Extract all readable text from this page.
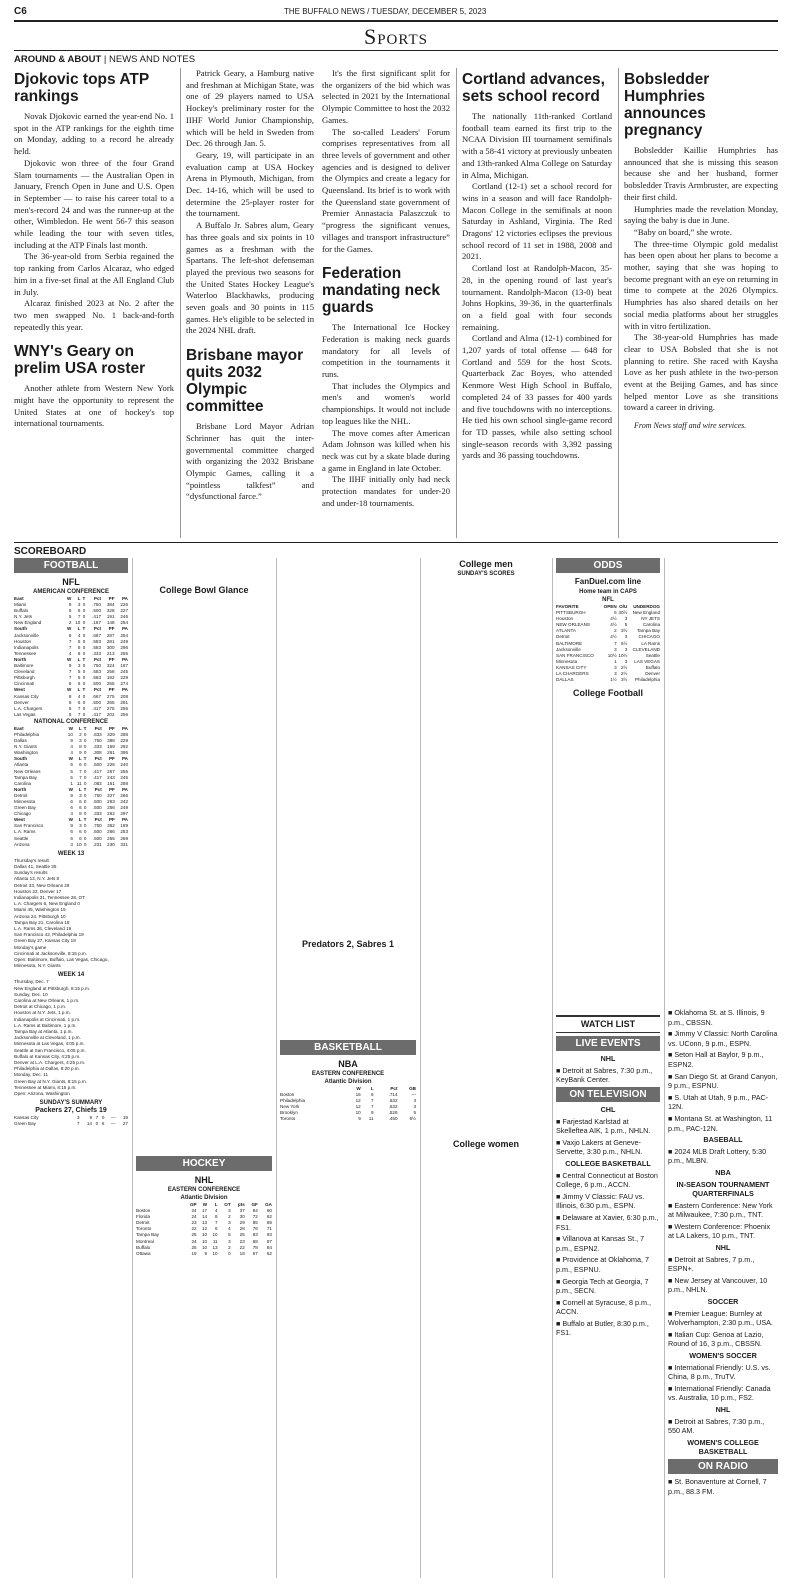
C6	THE BUFFALO NEWS / TUESDAY, DECEMBER 5, 2023
Sports
AROUND & ABOUT | NEWS AND NOTES
Djokovic tops ATP rankings

Novak Djokovic earned the year-end No. 1 spot in the ATP rankings for the eighth time on Monday, adding to a record he already held.

Djokovic won three of the four Grand Slam tournaments — the Australian Open in January, French Open in June and U.S. Open in September — to raise his career total to a men's-record 24 and was the runner-up at the other, Wimbledon. He went 56-7 this season while leading the tour with seven titles, including at the ATP Finals last month.

The 36-year-old from Serbia regained the top ranking from Carlos Alcaraz, who edged him in a five-set final at the All England Club in July.

Alcaraz finished 2023 at No. 2 after the two men swapped No. 1 back-and-forth repeatedly this year.

WNY's Geary on prelim USA roster

Another athlete from Western New York might have the opportunity to represent the United States at one of hockey's top international tournaments.

Patrick Geary, a Hamburg native and freshman at Michigan State, was one of 29 players named to USA Hockey's preliminary roster for the IIHF World Junior Championship, which will be held in Sweden from Dec. 26 through Jan. 5.

Geary, 19, will participate in an evaluation camp at USA Hockey Arena in Plymouth, Michigan, from Dec. 14-16, which will be used to determine the 25-player roster for the tournament.

A Buffalo Jr. Sabres alum, Geary has three goals and six points in 10 games as a freshman with the Spartans. The left-shot defenseman played the previous two seasons for the United States Hockey League's Waterloo Blackhawks, producing seven goals and 30 points in 115 games. He's eligible to be selected in the 2024 NHL draft.

Brisbane mayor quits 2032 Olympic committee

Brisbane Lord Mayor Adrian Schrinner has quit the inter-governmental committee charged with organizing the 2032 Brisbane Olympic Games, calling it a “pointless talkfest” and “dysfunctional farce.”

It's the first significant split for the organizers of the bid which was selected in 2021 by the International Olympic Committee to host the 2032 Games.

The so-called Leaders' Forum comprises representatives from all three levels of government and other agencies and is designed to deliver the Olympics and create a legacy for Queensland. Its brief is to work with the Queensland state government of Premier Annastacia Palaszczuk to “progress the significant venues, villages and transport infrastructure” for the Games.

Federation mandating neck guards

The International Ice Hockey Federation is making neck guards mandatory for all levels of competition in the tournaments it runs.

That includes the Olympics and men's and women's world championships. It would not include top leagues like the NHL.

The move comes after American Adam Johnson was killed when his neck was cut by a skate blade during a game in England in late October.

The IIHF initially only had neck protection mandates for under-20 and under-18 tournaments.

Cortland advances, sets school record

The nationally 11th-ranked Cortland football team earned its first trip to the NCAA Division III tournament semifinals with a 58-41 victory at previously unbeaten and 13th-ranked Alma College on Saturday in Alma, Michigan.

Cortland (12-1) set a school record for wins in a season and will face Randolph-Macon College in the semifinals at noon Saturday in Ashland, Virginia. The Red Dragons' 12 victories eclipses the previous school record of 11 set in 1988, 2008 and 2021.

Cortland lost at Randolph-Macon, 35-28, in the opening round of last year's tournament. Randolph-Macon (13-0) beat Johns Hopkins, 39-36, in the quarterfinals on a field goal with four seconds remaining.

Cortland and Alma (12-1) combined for 1,207 yards of total offense — 648 for Cortland and 559 for the host Scots. Quarterback Zac Boyes, who attended Kenmore West High School in Buffalo, completed 24 of 33 passes for 400 yards and five touchdowns with no interceptions. He tied his own school single-game record for TD passes, while also setting school single-season records with 3,392 passing yards and 36 passing touchdowns.

Bobsledder Humphries announces pregnancy

Bobsledder Kaillie Humphries has announced that she is missing this season because she and her husband, former bobsledder Travis Armbruster, are expecting their first child.

Humphries made the revelation Monday, saying the baby is due in June.

“Baby on board,” she wrote.

The three-time Olympic gold medalist has been open about her plans to become a mother, saying that she was hoping to become pregnant with an eye on returning in time to compete at the 2026 Olympics. Humphries has also shared details on her social media platforms about her struggles with in vitro fertilization.

The 38-year-old Humphries has made clear to USA Bobsled that she is not planning to retire. She raced with Kaysha Love as her push athlete in the two-person event at the Beijing Games, and has since helped mentor Love as she transitions toward a career in driving.

From News staff and wire services.

SCOREBOARD
FOOTBALL
NFL
AMERICAN CONFERENCE
East	W	L	T	Pct	PF	PA
Miami	9	3	0	.750	384	226
Buffalo	6	6	0	.500	328	227
N.Y. Jets	5	7	0	.417	191	246
New England	2	10	0	.167	148	254
South	W	L	T	Pct	PF	PA
Jacksonville	8	4	0	.667	287	254
Houston	7	5	0	.583	281	249
Indianapolis	7	5	0	.583	300	296
Tennessee	4	8	0	.333	213	255
North	W	L	T	Pct	PF	PA
Baltimore	9	3	0	.750	324	187
Cleveland	7	5	0	.583	258	245
Pittsburgh	7	5	0	.583	192	229
Cincinnati	6	6	0	.500	255	274
West	W	L	T	Pct	PF	PA
Kansas City	8	4	0	.667	275	208
Denver	6	6	0	.500	265	291
L.A. Chargers	5	7	0	.417	275	256
Las Vegas	5	7	0	.417	202	256
NATIONAL CONFERENCE
East	W	L	T	Pct	PF	PA
Philadelphia	10	2	0	.833	329	288
Dallas	9	3	0	.750	388	229
N.Y. Giants	4	8	0	.333	159	292
Washington	4	9	0	.308	261	395
South	W	L	T	Pct	PF	PA
Atlanta	6	6	0	.500	226	240
New Orleans	5	7	0	.417	257	255
Tampa Bay	5	7	0	.417	243	245
Carolina	1	11	0	.083	161	288
North	W	L	T	Pct	PF	PA
Detroit	9	3	0	.750	327	266
Minnesota	6	6	0	.500	263	242
Green Bay	6	6	0	.500	256	249
Chicago	4	8	0	.333	262	297
West	W	L	T	Pct	PF	PA
San Francisco	9	3	0	.750	352	189
L.A. Rams	6	6	0	.500	266	253
Seattle	6	6	0	.500	255	269
Arizona	3	10	0	.231	230	331
WEEK 13
Thursday's result
Dallas 41, Seattle 35
Sunday's results
Atlanta 13, N.Y. Jets 8
Detroit 33, New Orleans 28
Houston 22, Denver 17
Indianapolis 31, Tennessee 28, OT
L.A. Chargers 6, New England 0
Miami 45, Washington 15
Arizona 24, Pittsburgh 10
Tampa Bay 21, Carolina 18
L.A. Rams 36, Cleveland 19
San Francisco 42, Philadelphia 19
Green Bay 27, Kansas City 19
Monday's game
Cincinnati at Jacksonville, 8:15 p.m.
Open: Baltimore, Buffalo, Las Vegas, Chicago, Minnesota, N.Y. Giants
WEEK 14
Thursday, Dec. 7
New England at Pittsburgh, 8:15 p.m.
Sunday, Dec. 10
Carolina at New Orleans, 1 p.m.
Detroit at Chicago, 1 p.m.
Houston at N.Y. Jets, 1 p.m.
Indianapolis at Cincinnati, 1 p.m.
L.A. Rams at Baltimore, 1 p.m.
Tampa Bay at Atlanta, 1 p.m.
Jacksonville at Cleveland, 1 p.m.
Minnesota at Las Vegas, 4:05 p.m.
Seattle at San Francisco, 4:05 p.m.
Buffalo at Kansas City, 4:25 p.m.
Denver at L.A. Chargers, 4:25 p.m.
Philadelphia at Dallas, 8:20 p.m.
Monday, Dec. 11
Green Bay at N.Y. Giants, 8:15 p.m.
Tennessee at Miami, 8:15 p.m.
Open: Arizona, Washington
SUNDAY'S SUMMARY
Packers 27, Chiefs 19
Kansas City	3	9	7	0	—	19
Green Bay	7	14	0	6	—	27
College Bowl Glance
HOCKEY
NHL
EASTERN CONFERENCE
Atlantic Division
	GP	W	L	OT	pts	GF	GA
Boston	24	17	4	3	37	84	60
Florida	24	14	8	2	30	72	62
Detroit	23	13	7	3	29	85	69
Toronto	22	12	6	4	28	76	71
Tampa Bay	25	10	10	5	25	83	93
Montreal	24	10	11	3	23	68	87
Buffalo	25	10	13	2	22	78	84
Ottawa	19	9	10	0	18	67	62
Predators 2, Sabres 1
BASKETBALL
NBA
EASTERN CONFERENCE
Atlantic Division
	W	L	Pct	GB
Boston	15	6	.714	—
Philadelphia	12	7	.632	3
New York	12	7	.632	3
Brooklyn	10	9	.526	5
Toronto	9	11	.450	6½
College men
SUNDAY'S SCORES
College women
ODDS
FanDuel.com line
Home team in CAPS
NFL
FAVORITE	OPEN	O/U	UNDERDOG
PITTSBURGH	6	30½	New England
Houston	4½	3	NY JETS
NEW ORLEANS	4½	5	Carolina
ATLANTA	2	3½	Tampa Bay
Detroit	4½	3	CHICAGO
BALTIMORE	7	6½	LA Rams
Jacksonville	3	3	CLEVELAND
SAN FRANCISCO	10½	10½	Seattle
Minnesota	1	3	LAS VEGAS
KANSAS CITY	3	2½	Buffalo
LA CHARGERS	3	2½	Denver
DALLAS	1½	3½	Philadelphia
College Football
WATCH LIST
LIVE EVENTS

NHL

■ Detroit at Sabres, 7:30 p.m., KeyBank Center.

ON TELEVISION

CHL

■ Farjestad Karlstad at Skelleftea AIK, 1 p.m., NHLN.

■ Vaxjo Lakers at Geneve-Servette, 3:30 p.m., NHLN.

COLLEGE BASKETBALL

■ Central Connecticut at Boston College, 6 p.m., ACCN.

■ Jimmy V Classic: FAU vs. Illinois, 6:30 p.m., ESPN.

■ Delaware at Xavier, 6:30 p.m., FS1.

■ Villanova at Kansas St., 7 p.m., ESPN2.

■ Providence at Oklahoma, 7 p.m., ESPNU.

■ Georgia Tech at Georgia, 7 p.m., SECN.

■ Cornell at Syracuse, 8 p.m., ACCN.

■ Buffalo at Butler, 8:30 p.m., FS1.

■ Oklahoma St. at S. Illinois, 9 p.m., CBSSN.

■ Jimmy V Classic: North Carolina vs. UConn, 9 p.m., ESPN.

■ Seton Hall at Baylor, 9 p.m., ESPN2.

■ San Diego St. at Grand Canyon, 9 p.m., ESPNU.

■ S. Utah at Utah, 9 p.m., PAC-12N.

■ Montana St. at Washington, 11 p.m., PAC-12N.

BASEBALL

■ 2024 MLB Draft Lottery, 5:30 p.m., MLBN.

NBA

IN-SEASON TOURNAMENT QUARTERFINALS

■ Eastern Conference: New York at Milwaukee, 7:30 p.m., TNT.

■ Western Conference: Phoenix at LA Lakers, 10 p.m., TNT.

NHL

■ Detroit at Sabres, 7 p.m., ESPN+.

■ New Jersey at Vancouver, 10 p.m., NHLN.

SOCCER

■ Premier League: Burnley at Wolverhampton, 2:30 p.m., USA.

■ Italian Cup: Genoa at Lazio, Round of 16, 3 p.m., CBSSN.

WOMEN'S SOCCER

■ International Friendly: U.S. vs. China, 8 p.m., TruTV.

■ International Friendly: Canada vs. Australia, 10 p.m., FS2.

NHL

■ Detroit at Sabres, 7:30 p.m., 550 AM.

WOMEN'S COLLEGE BASKETBALL

ON RADIO

■ St. Bonaventure at Cornell, 7 p.m., 88.3 FM.
